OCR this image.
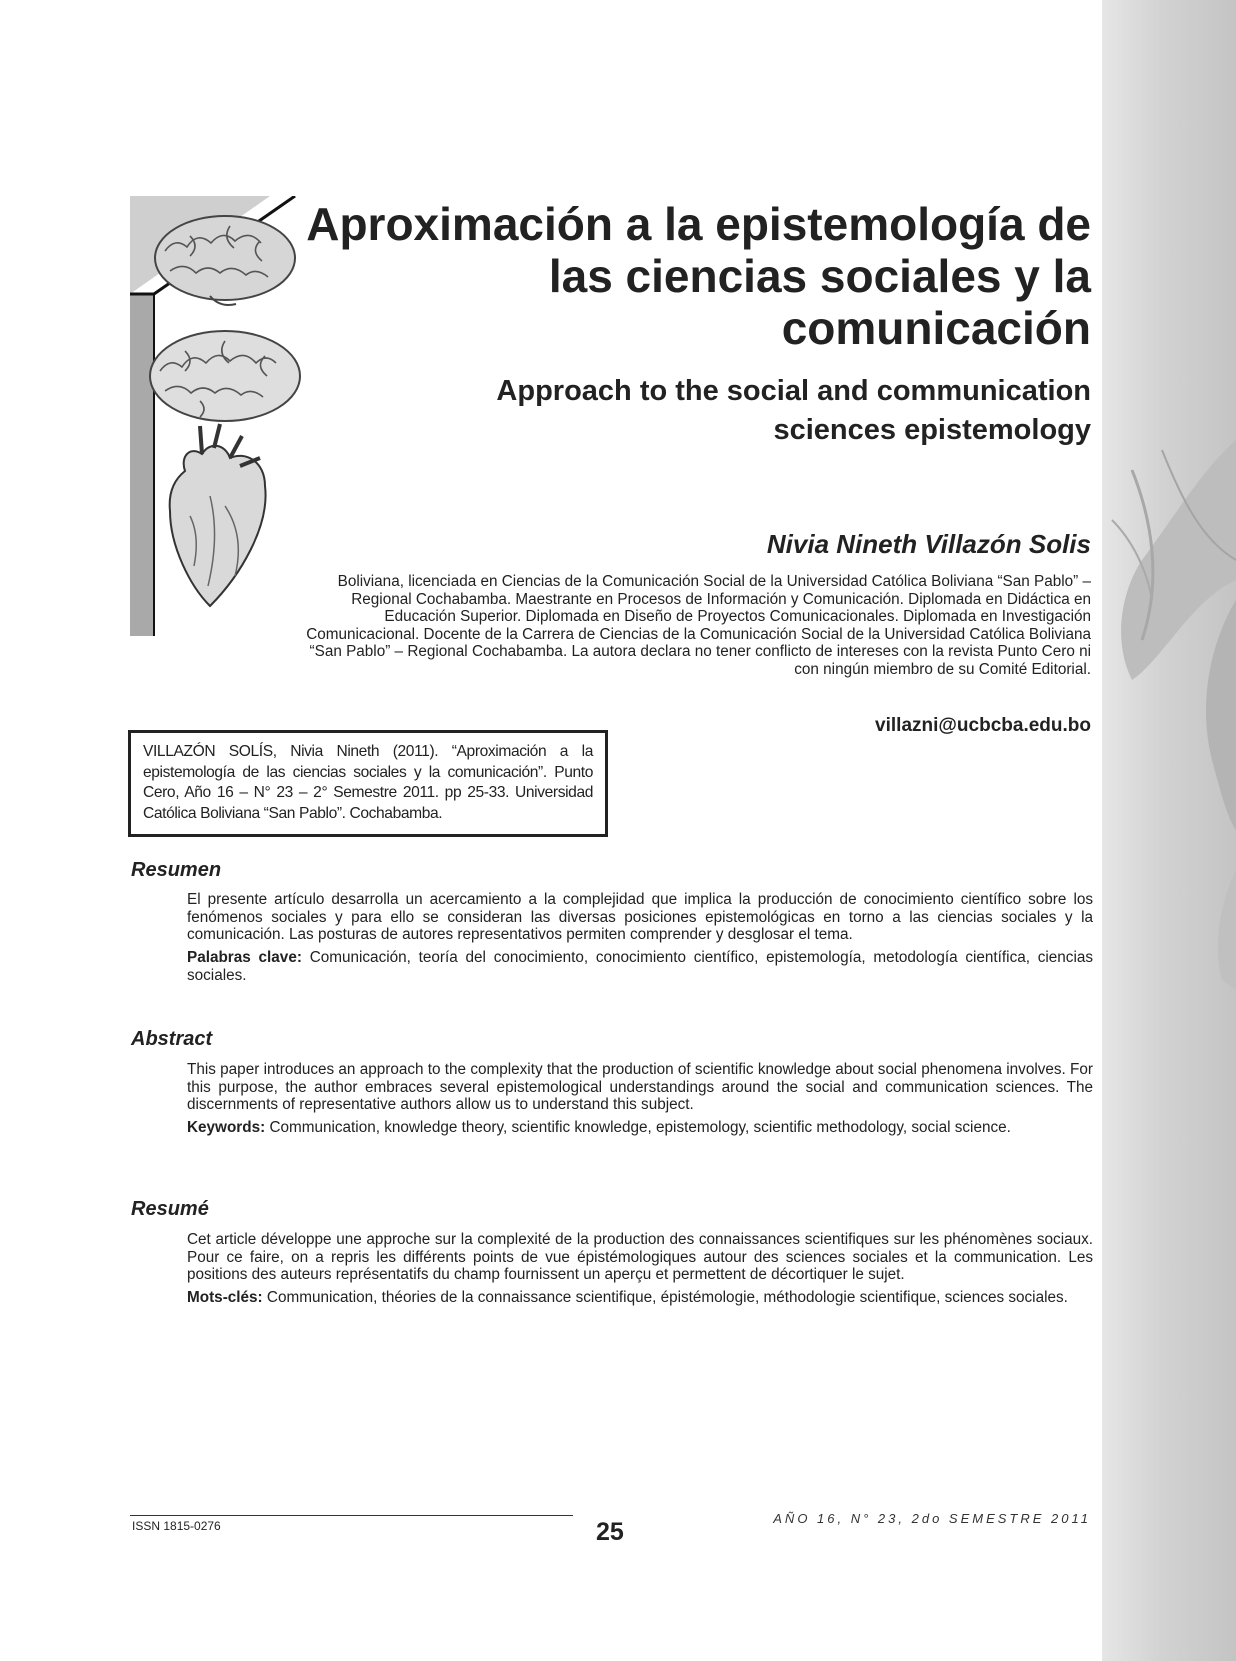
Aproximación a la epistemología de las ciencias sociales y la comunicación
Approach to the social and communication sciences epistemology

Nivia Nineth Villazón Solis

Boliviana, licenciada en Ciencias de la Comunicación Social de la Universidad Católica Boliviana “San Pablo” – Regional Cochabamba. Maestrante en Procesos de Información y Comunicación. Diplomada en Didáctica en Educación Superior. Diplomada en Diseño de Proyectos Comunicacionales. Diplomada en Investigación Comunicacional. Docente de la Carrera de Ciencias de la Comunicación Social de la Universidad Católica Boliviana “San Pablo” – Regional Cochabamba. La autora declara no tener conflicto de intereses con la revista Punto Cero ni con ningún miembro de su Comité Editorial.

villazni@ucbcba.edu.bo

VILLAZÓN SOLÍS, Nivia Nineth (2011). “Aproximación a la epistemología de las ciencias sociales y la comunicación”. Punto Cero, Año 16 – N° 23 – 2° Semestre 2011. pp 25-33. Universidad Católica Boliviana “San Pablo”. Cochabamba.
Resumen

El presente artículo desarrolla un acercamiento a la complejidad que implica la producción de conocimiento científico sobre los fenómenos sociales y para ello se consideran las diversas posiciones epistemológicas en torno a las ciencias sociales y la comunicación. Las posturas de autores representativos permiten comprender y desglosar el tema.

Palabras clave: Comunicación, teoría del conocimiento, conocimiento científico, epistemología, metodología científica, ciencias sociales.

Abstract

This paper introduces an approach to the complexity that the production of scientific knowledge about social phenomena involves. For this purpose, the author embraces several epistemological understandings around the social and communication sciences. The discernments of representative authors allow us to understand this subject.

Keywords: Communication, knowledge theory, scientific knowledge, epistemology, scientific methodology, social science.

Resumé

Cet article développe une approche sur la complexité de la production des connaissances scientifiques sur les phénomènes sociaux. Pour ce faire, on a repris les différents points de vue épistémologiques autour des sciences sociales et la communication. Les positions des auteurs représentatifs du champ fournissent un aperçu et permettent de décortiquer le sujet.

Mots-clés: Communication, théories de la connaissance scientifique, épistémologie, méthodologie scientifique, sciences sociales.

ISSN 1815-0276	25	AÑO 16, N° 23, 2do SEMESTRE 2011
